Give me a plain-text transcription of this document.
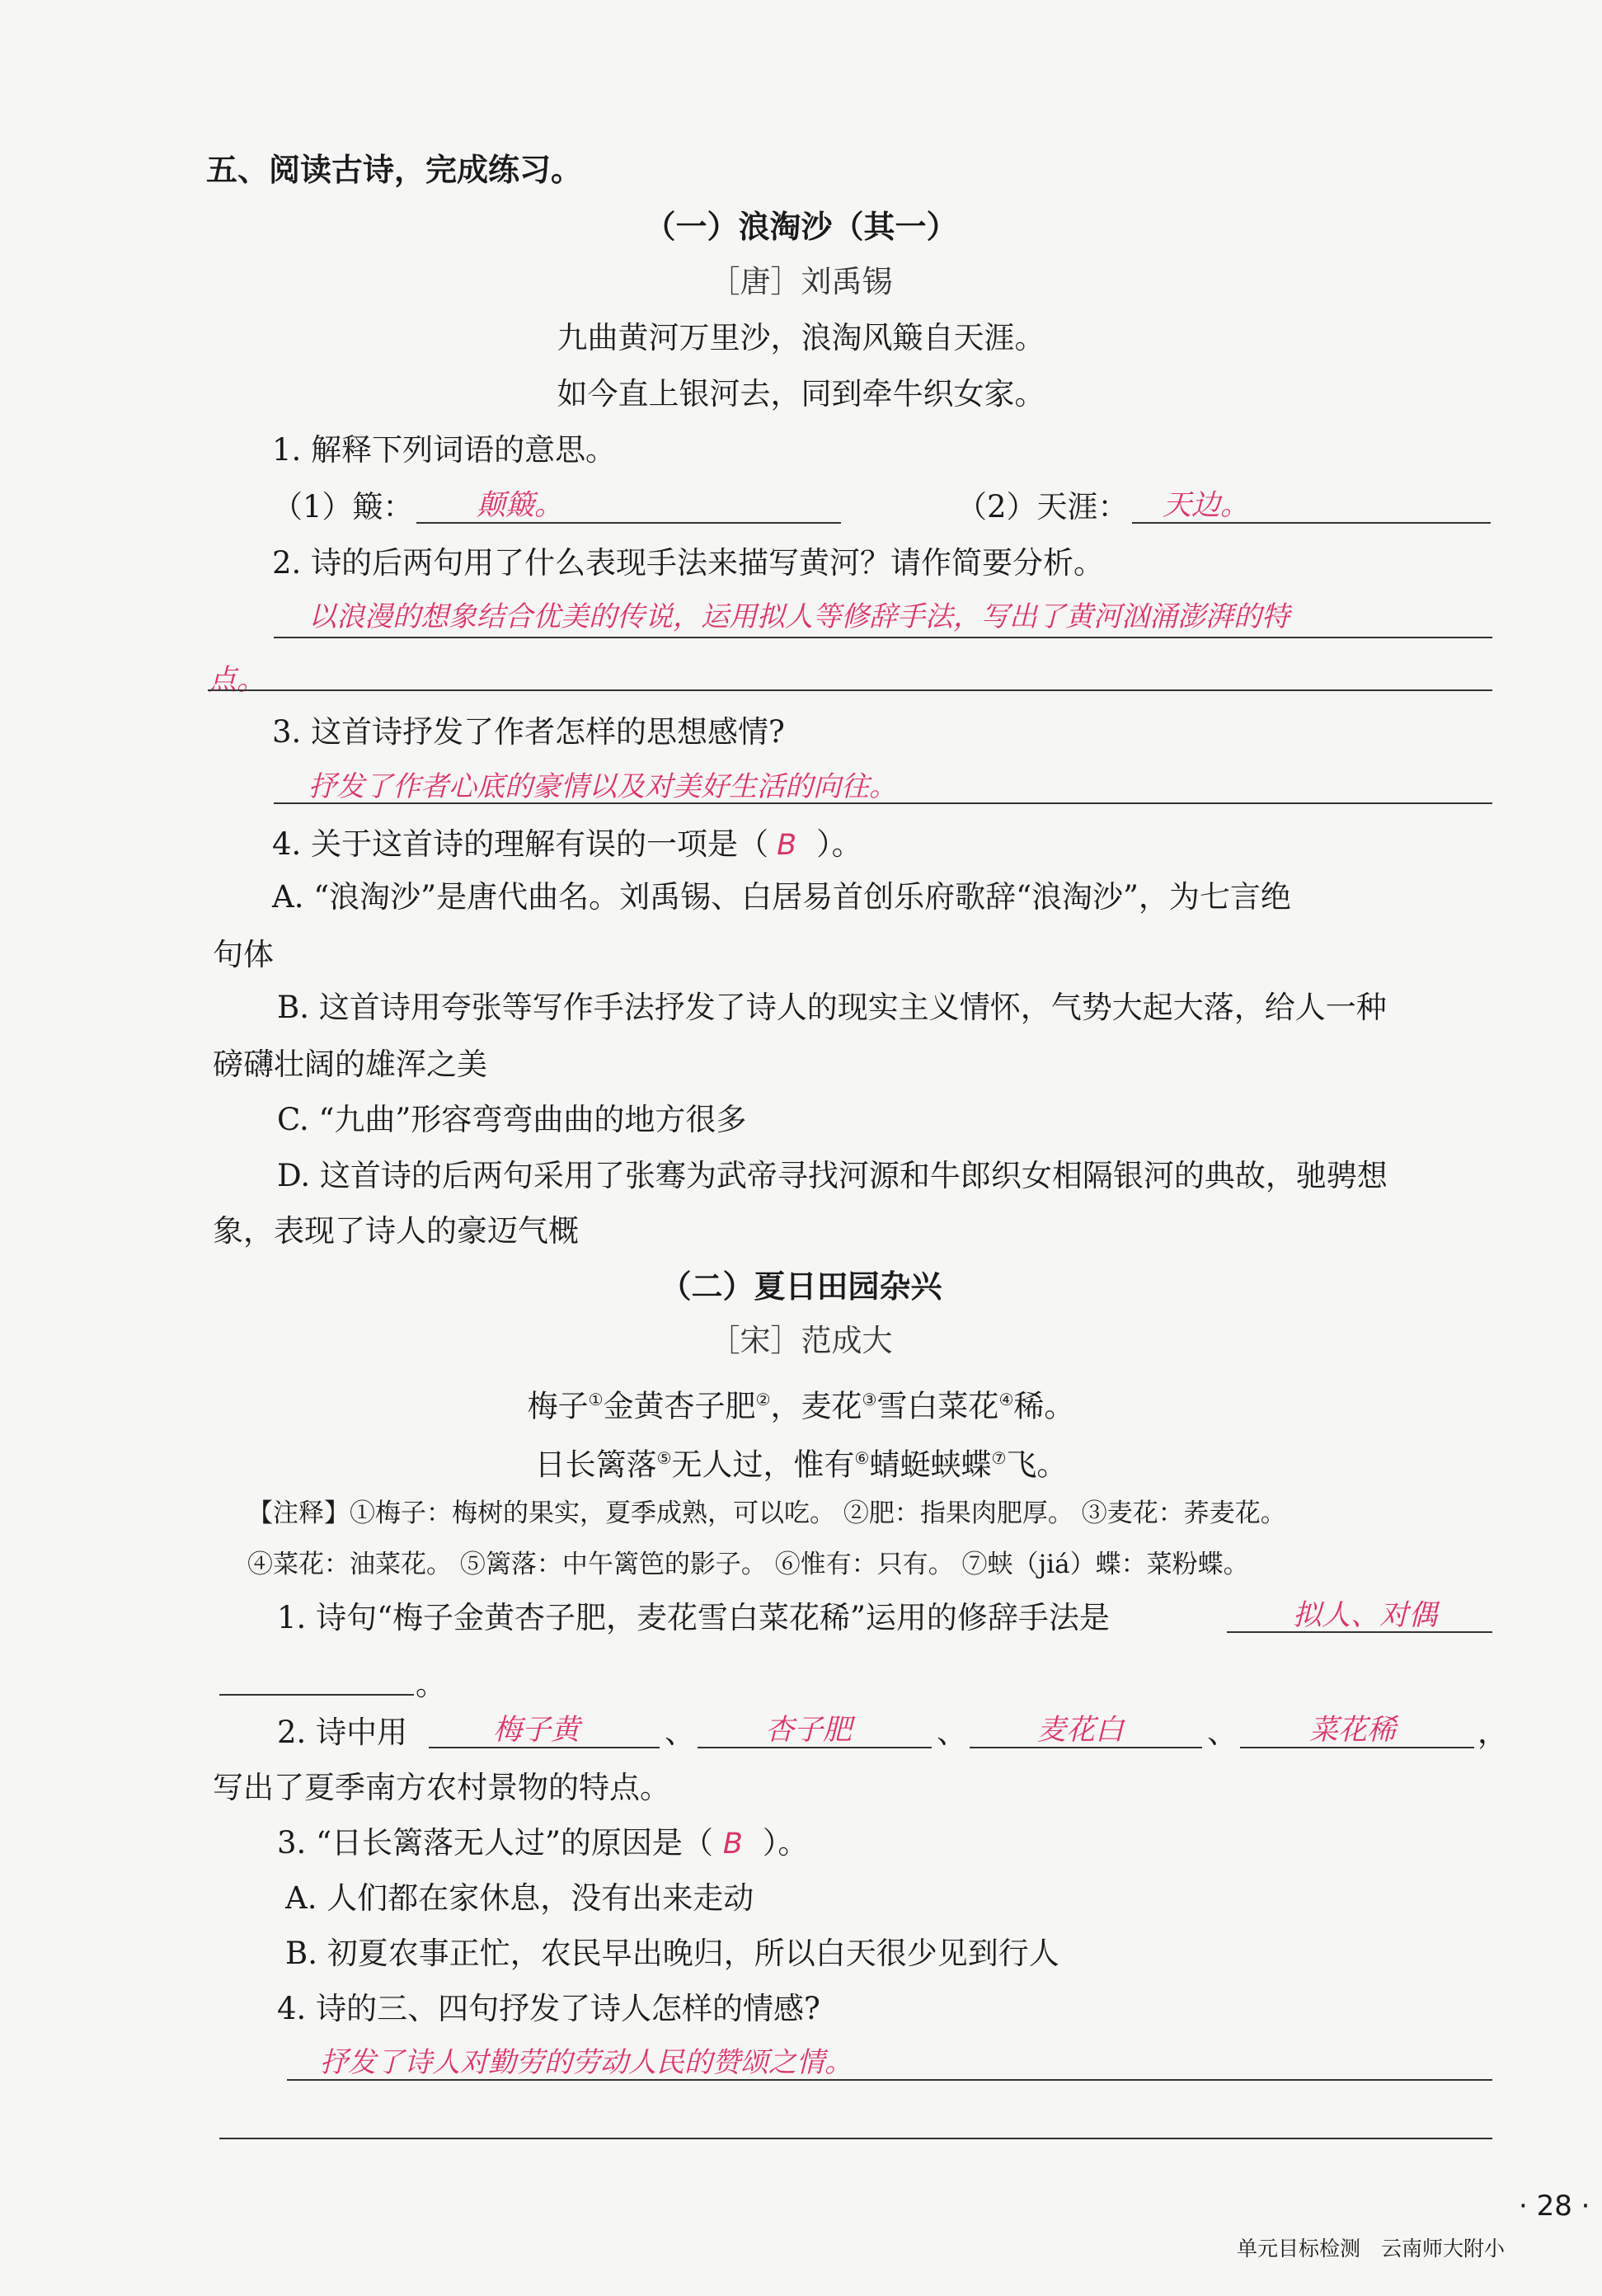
五、阅读古诗，完成练习。
（一）浪淘沙（其一）
［唐］刘禹锡
九曲黄河万里沙，浪淘风簸自天涯。
如今直上银河去，同到牵牛织女家。
1. 解释下列词语的意思。
（1）簸： 颠簸。	（2）天涯： 天边。
2. 诗的后两句用了什么表现手法来描写黄河？请作简要分析。
以浪漫的想象结合优美的传说，运用拟人等修辞手法，写出了黄河汹涌澎湃的特
点。
3. 这首诗抒发了作者怎样的思想感情?
抒发了作者心底的豪情以及对美好生活的向往。
4. 关于这首诗的理解有误的一项是（ B ）。
A. “浪淘沙”是唐代曲名。刘禹锡、白居易首创乐府歌辞“浪淘沙”，为七言绝
句体
B. 这首诗用夸张等写作手法抒发了诗人的现实主义情怀，气势大起大落，给人一种
磅礴壮阔的雄浑之美
C. “九曲”形容弯弯曲曲的地方很多
D. 这首诗的后两句采用了张骞为武帝寻找河源和牛郎织女相隔银河的典故，驰骋想
象，表现了诗人的豪迈气概
（二）夏日田园杂兴
［宋］范成大
梅子①金黄杏子肥②，麦花③雪白菜花④稀。
日长篱落⑤无人过，惟有⑥蜻蜓蛱蝶⑦飞。
【注释】①梅子：梅树的果实，夏季成熟，可以吃。 ②肥：指果肉肥厚。 ③麦花：荞麦花。
④菜花：油菜花。 ⑤篱落：中午篱笆的影子。 ⑥惟有：只有。 ⑦蛱（jiá）蝶：菜粉蝶。
1. 诗句“梅子金黄杏子肥，麦花雪白菜花稀”运用的修辞手法是	拟人、对偶
。
2. 诗中用	梅子黄	、 杏子肥	、 麦花白	、 菜花稀	，
写出了夏季南方农村景物的特点。
3. “日长篱落无人过”的原因是（ B ）。
A. 人们都在家休息，没有出来走动
B. 初夏农事正忙，农民早出晚归，所以白天很少见到行人
4. 诗的三、四句抒发了诗人怎样的情感?
抒发了诗人对勤劳的劳动人民的赞颂之情。
· 28 ·
单元目标检测　云南师大附小
